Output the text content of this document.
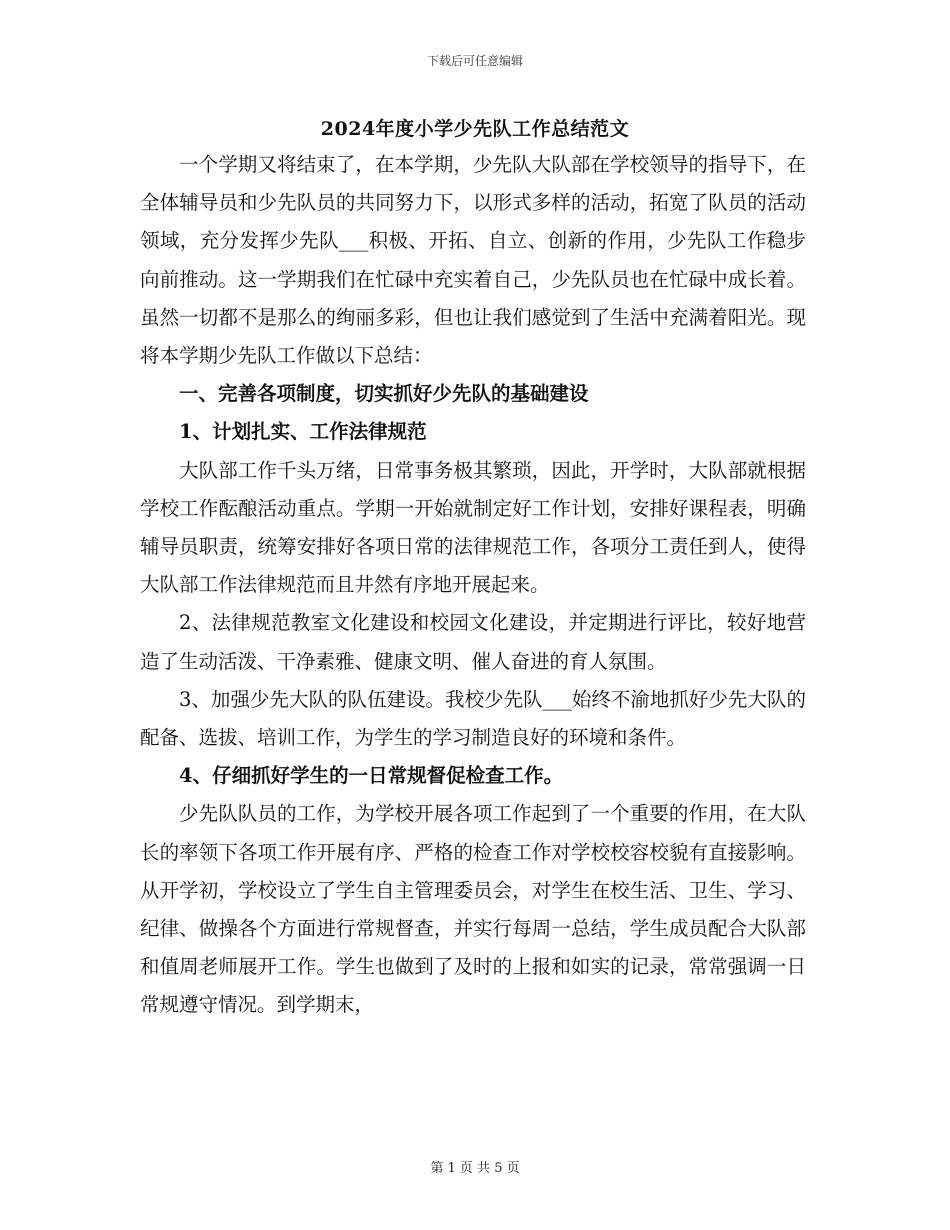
下载后可任意编辑
2024年度小学少先队工作总结范文

一个学期又将结束了，在本学期，少先队大队部在学校领导的指导下，在全体辅导员和少先队员的共同努力下，以形式多样的活动，拓宽了队员的活动领域，充分发挥少先队___积极、开拓、自立、创新的作用，少先队工作稳步向前推动。这一学期我们在忙碌中充实着自己，少先队员也在忙碌中成长着。虽然一切都不是那么的绚丽多彩，但也让我们感觉到了生活中充满着阳光。现将本学期少先队工作做以下总结：

一、完善各项制度，切实抓好少先队的基础建设

1、计划扎实、工作法律规范

大队部工作千头万绪，日常事务极其繁琐，因此，开学时，大队部就根据学校工作酝酿活动重点。学期一开始就制定好工作计划，安排好课程表，明确辅导员职责，统筹安排好各项日常的法律规范工作，各项分工责任到人，使得大队部工作法律规范而且井然有序地开展起来。

2、法律规范教室文化建设和校园文化建设，并定期进行评比，较好地营造了生动活泼、干净素雅、健康文明、催人奋进的育人氛围。

3、加强少先大队的队伍建设。我校少先队___始终不渝地抓好少先大队的配备、选拔、培训工作，为学生的学习制造良好的环境和条件。

4、仔细抓好学生的一日常规督促检查工作。

少先队队员的工作，为学校开展各项工作起到了一个重要的作用，在大队长的率领下各项工作开展有序、严格的检查工作对学校校容校貌有直接影响。从开学初，学校设立了学生自主管理委员会，对学生在校生活、卫生、学习、纪律、做操各个方面进行常规督查，并实行每周一总结，学生成员配合大队部和值周老师展开工作。学生也做到了及时的上报和如实的记录，常常强调一日常规遵守情况。到学期末，

第 1 页 共 5 页
